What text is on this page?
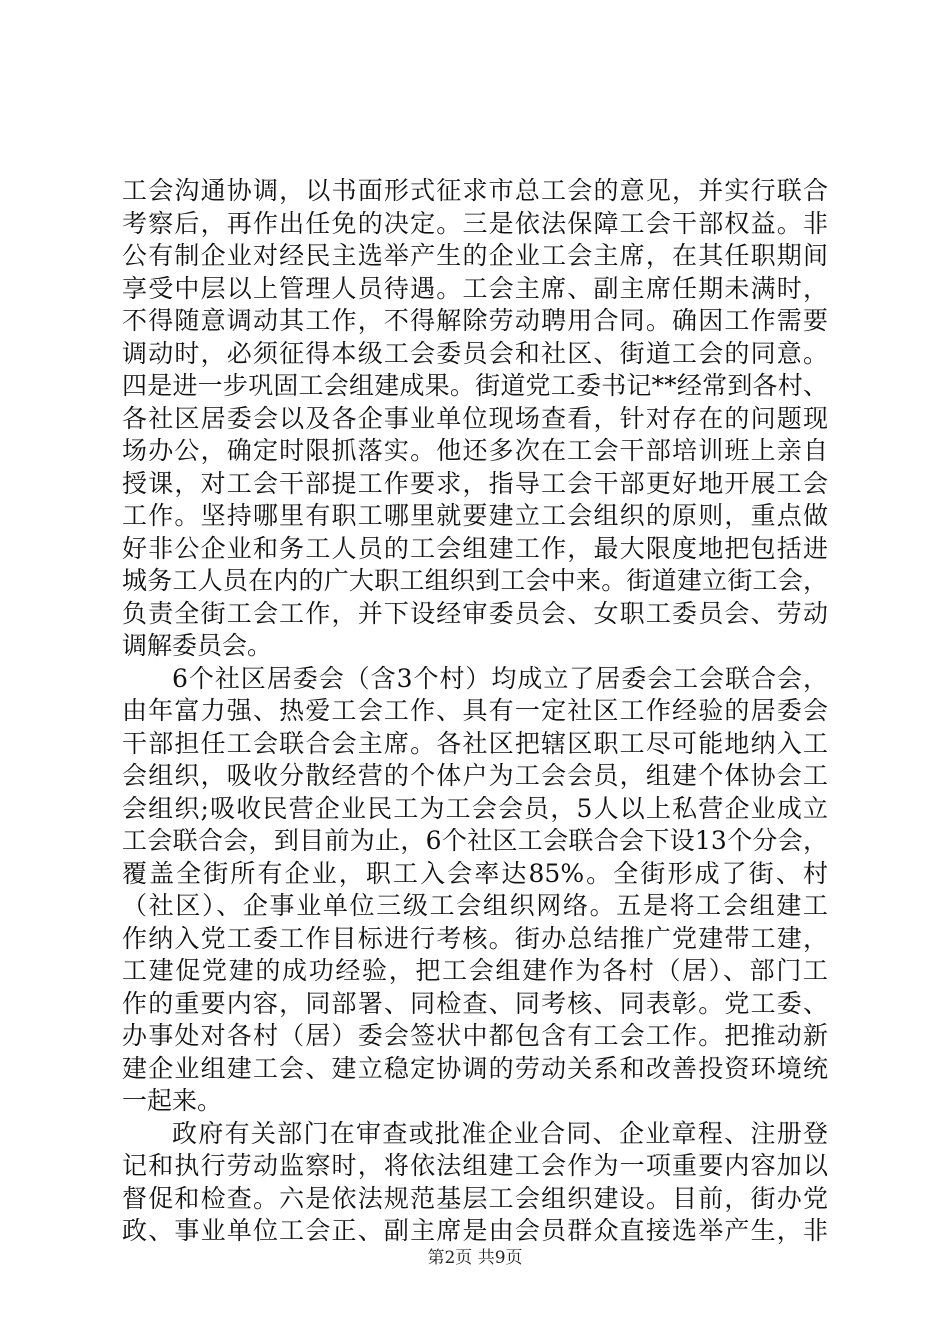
工会沟通协调，以书面形式征求市总工会的意见，并实行联合
考察后，再作出任免的决定。三是依法保障工会干部权益。非
公有制企业对经民主选举产生的企业工会主席，在其任职期间
享受中层以上管理人员待遇。工会主席、副主席任期未满时，
不得随意调动其工作，不得解除劳动聘用合同。确因工作需要
调动时，必须征得本级工会委员会和社区、街道工会的同意。
四是进一步巩固工会组建成果。街道党工委书记**经常到各村、
各社区居委会以及各企事业单位现场查看，针对存在的问题现
场办公，确定时限抓落实。他还多次在工会干部培训班上亲自
授课，对工会干部提工作要求，指导工会干部更好地开展工会
工作。坚持哪里有职工哪里就要建立工会组织的原则，重点做
好非公企业和务工人员的工会组建工作，最大限度地把包括进
城务工人员在内的广大职工组织到工会中来。街道建立街工会，
负责全街工会工作，并下设经审委员会、女职工委员会、劳动
调解委员会。
6个社区居委会（含3个村）均成立了居委会工会联合会，
由年富力强、热爱工会工作、具有一定社区工作经验的居委会
干部担任工会联合会主席。各社区把辖区职工尽可能地纳入工
会组织，吸收分散经营的个体户为工会会员，组建个体协会工
会组织;吸收民营企业民工为工会会员，5人以上私营企业成立
工会联合会，到目前为止，6个社区工会联合会下设13个分会，
覆盖全街所有企业，职工入会率达85%。全街形成了街、村
（社区）、企事业单位三级工会组织网络。五是将工会组建工
作纳入党工委工作目标进行考核。街办总结推广党建带工建，
工建促党建的成功经验，把工会组建作为各村（居）、部门工
作的重要内容，同部署、同检查、同考核、同表彰。党工委、
办事处对各村（居）委会签状中都包含有工会工作。把推动新
建企业组建工会、建立稳定协调的劳动关系和改善投资环境统
一起来。
政府有关部门在审查或批准企业合同、企业章程、注册登
记和执行劳动监察时，将依法组建工会作为一项重要内容加以
督促和检查。六是依法规范基层工会组织建设。目前，街办党
政、事业单位工会正、副主席是由会员群众直接选举产生，非
第2页 共9页
